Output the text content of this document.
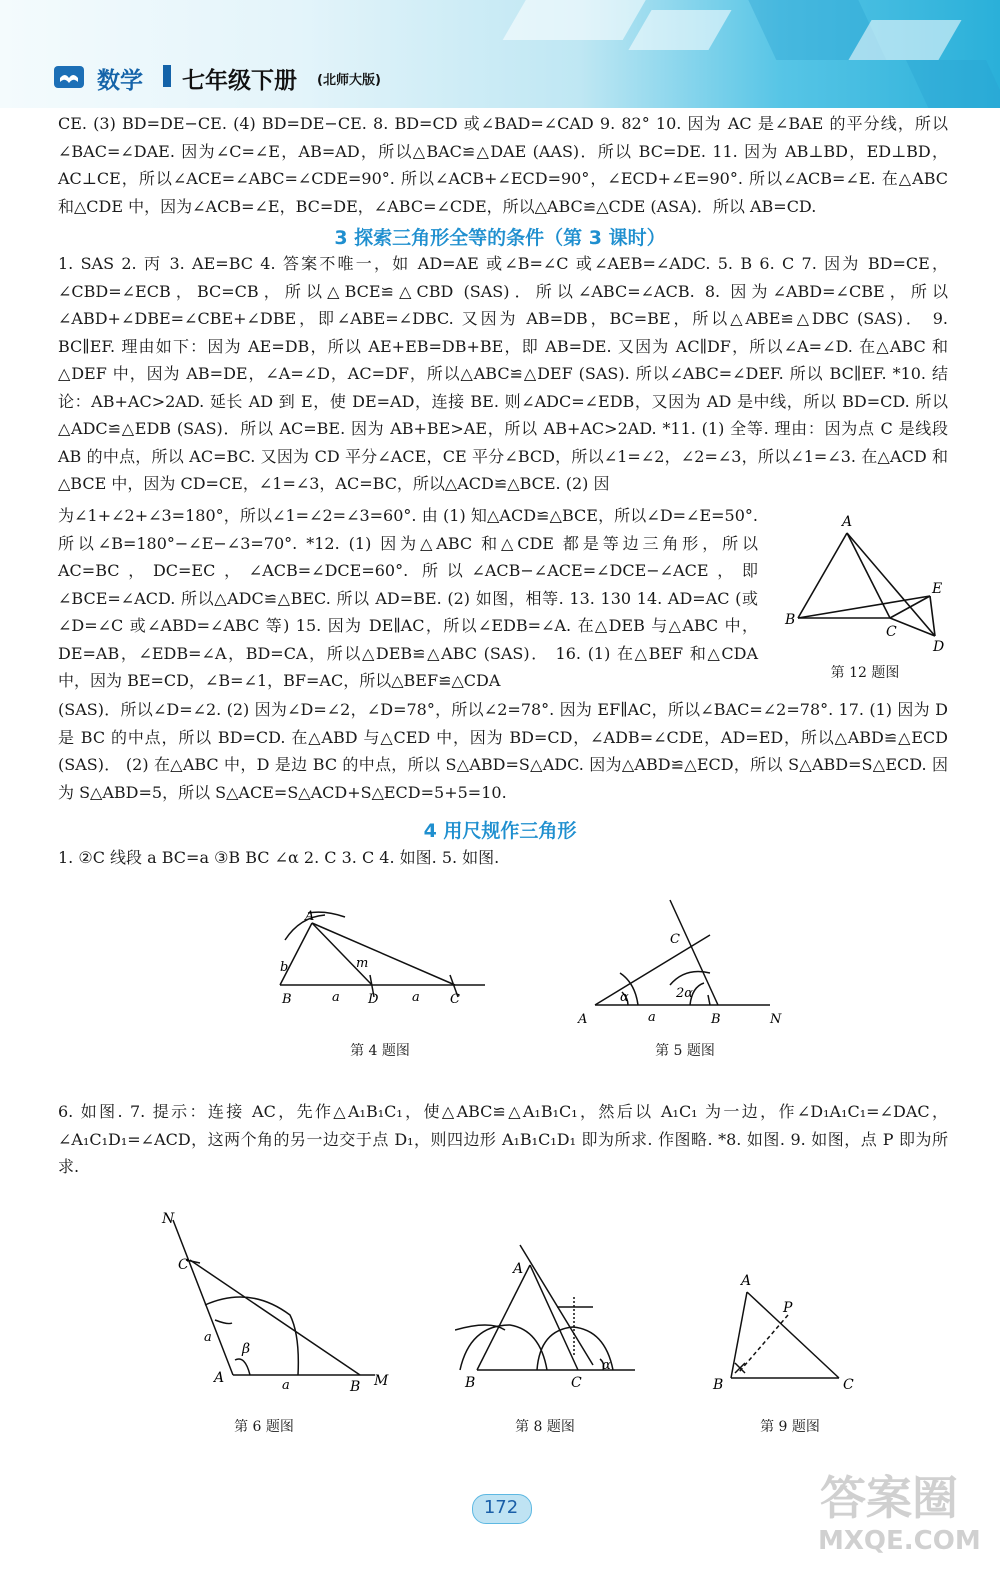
数学 七年级下册 (北师大版)

CE. (3) BD=DE−CE. (4) BD=DE−CE. 8. BD=CD 或∠BAD=∠CAD 9. 82° 10. 因为 AC 是∠BAE 的平分线，所以∠BAC=∠DAE. 因为∠C=∠E，AB=AD，所以△BAC≌△DAE (AAS)．所以 BC=DE. 11. 因为 AB⊥BD，ED⊥BD，AC⊥CE，所以∠ACE=∠ABC=∠CDE=90°. 所以∠ACB+∠ECD=90°，∠ECD+∠E=90°. 所以∠ACB=∠E. 在△ABC 和△CDE 中，因为∠ACB=∠E，BC=DE，∠ABC=∠CDE，所以△ABC≌△CDE (ASA)．所以 AB=CD.

3 探索三角形全等的条件（第 3 课时）

1. SAS 2. 丙 3. AE=BC 4. 答案不唯一，如 AD=AE 或∠B=∠C 或∠AEB=∠ADC. 5. B 6. C 7. 因为 BD=CE，∠CBD=∠ECB，BC=CB，所以△BCE≌△CBD (SAS)．所以∠ABC=∠ACB. 8. 因为∠ABD=∠CBE，所以∠ABD+∠DBE=∠CBE+∠DBE，即∠ABE=∠DBC. 又因为 AB=DB，BC=BE，所以△ABE≌△DBC (SAS)． 9. BC∥EF. 理由如下：因为 AE=DB，所以 AE+EB=DB+BE，即 AB=DE. 又因为 AC∥DF，所以∠A=∠D. 在△ABC 和△DEF 中，因为 AB=DE，∠A=∠D，AC=DF，所以△ABC≌△DEF (SAS). 所以∠ABC=∠DEF. 所以 BC∥EF. *10. 结论：AB+AC>2AD. 延长 AD 到 E，使 DE=AD，连接 BE. 则∠ADC=∠EDB，又因为 AD 是中线，所以 BD=CD. 所以△ADC≌△EDB (SAS)．所以 AC=BE. 因为 AB+BE>AE，所以 AB+AC>2AD. *11. (1) 全等. 理由：因为点 C 是线段 AB 的中点，所以 AC=BC. 又因为 CD 平分∠ACE，CE 平分∠BCD，所以∠1=∠2，∠2=∠3，所以∠1=∠3. 在△ACD 和△BCE 中，因为 CD=CE，∠1=∠3，AC=BC，所以△ACD≌△BCE. (2) 因

为∠1+∠2+∠3=180°，所以∠1=∠2=∠3=60°. 由 (1) 知△ACD≌△BCE，所以∠D=∠E=50°. 所以∠B=180°−∠E−∠3=70°. *12. (1) 因为△ABC 和△CDE 都是等边三角形，所以 AC=BC，DC=EC，∠ACB=∠DCE=60°. 所以∠ACB−∠ACE=∠DCE−∠ACE，即∠BCE=∠ACD. 所以△ADC≌△BEC. 所以 AD=BE. (2) 如图，相等. 13. 130 14. AD=AC (或∠D=∠C 或∠ABD=∠ABC 等) 15. 因为 DE∥AC，所以∠EDB=∠A. 在△DEB 与△ABC 中，DE=AB，∠EDB=∠A，BD=CA，所以△DEB≌△ABC (SAS)． 16. (1) 在△BEF 和△CDA 中，因为 BE=CD，∠B=∠1，BF=AC，所以△BEF≌△CDA

(SAS)．所以∠D=∠2. (2) 因为∠D=∠2，∠D=78°，所以∠2=78°. 因为 EF∥AC，所以∠BAC=∠2=78°. 17. (1) 因为 D 是 BC 的中点，所以 BD=CD. 在△ABD 与△CED 中，因为 BD=CD，∠ADB=∠CDE，AD=ED，所以△ABD≌△ECD (SAS)． (2) 在△ABC 中，D 是边 BC 的中点，所以 S△ABD=S△ADC. 因为△ABD≌△ECD，所以 S△ABD=S△ECD. 因为 S△ABD=5，所以 S△ACE=S△ACD+S△ECD=5+5=10.

A
B
C
D
E
第 12 题图
4 用尺规作三角形

1. ②C 线段 a BC=a ③B BC ∠α 2. C 3. C 4. 如图. 5. 如图.

A
B	D	C
b	m
a	a
第 4 题图
A	B
C
N
α	2α
a
第 5 题图

6. 如图. 7. 提示：连接 AC，先作△A₁B₁C₁，使△ABC≌△A₁B₁C₁，然后以 A₁C₁ 为一边，作∠D₁A₁C₁=∠DAC，∠A₁C₁D₁=∠ACD，这两个角的另一边交于点 D₁，则四边形 A₁B₁C₁D₁ 即为所求. 作图略. *8. 如图. 9. 如图，点 P 即为所求.

N
C
A
B M
a
a
β
第 6 题图
A
B	C
α
第 8 题图
A
B	C
P
第 9 题图
172	答案圈
MXQE.COM
